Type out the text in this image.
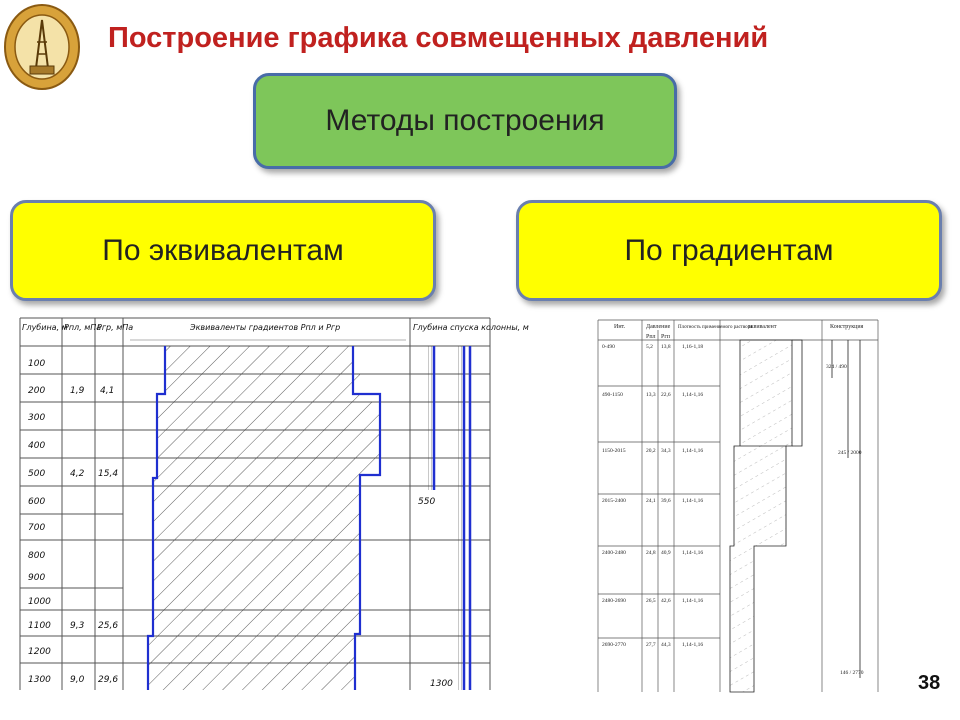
Построение графика совмещенных давлений
Методы построения
По эквивалентам	По градиентам
Глубина, м
Рпл, мПа
Ргр, мПа	Эквиваленты градиентов Рпл и Ргр	Глубина спуска колонны, м
100
200	1,9 4,1
300
400
500	4,2 15,4
600
700
800
900
1000
1100 9,3 25,6
1200
1300 9,0 29,6
550
1300
Инт.	Давление
Рпл Ргп
Плотность применяемого раствора
эквивалент	Конструкция
0-490	5,2 13,8 1,16-1,18
490-1150	13,3 22,6 1,14-1,16
1150-2015	20,2 34,3 1,14-1,16
2015-2400	24,1 39,6 1,14-1,16
2400-2480	24,8 40,9 1,14-1,16
2480-2690	26,5 42,6 1,14-1,16
2690-2770	27,7 44,3 1,14-1,16
324 / 490
245 / 2000
146 / 2770	38
